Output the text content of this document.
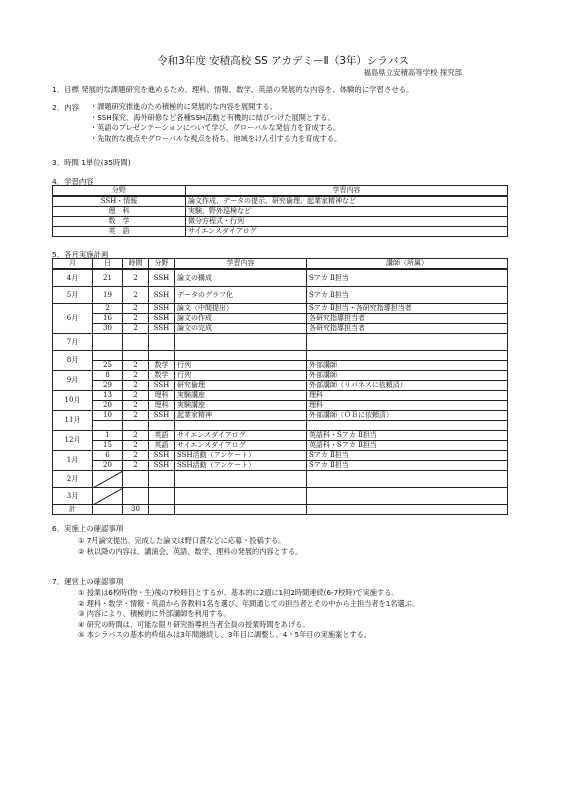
令和3年度 安積高校 SS アカデミーⅡ（3年）シラバス
福島県立安積高等学校 探究部
1．目標 発展的な課題研究を進めるため、理科、情報、数学、英語の発展的な内容を、体験的に学習させる。
2．内容 ・課題研究推進のため積極的に発展的な内容を展開する。
・SSH探究、海外研修など各種SSH活動と有機的に結びつけた展開とする。
・英語のプレゼンテーションについて学び、グローバルな発信力を育成する。
・先取的な視点やグローバルな視点を持ち、地域をけん引する力を育成する。
3．時間 1単位(35時間)
4．学習内容
分野	学習内容
SSH・情報	論文作成、データの提示、研究倫理、起業家精神など
理　科	実験、野外巡検など
数　学	微分方程式・行列
英　語	サイエンスダイアログ
5．各月実施計画
月	日	時間	分野	学習内容	講師（所属）
4月	21	2	SSH	論文の構成	Sアカ Ⅱ担当
5月	19	2	SSH	データのグラフ化	Sアカ Ⅱ担当
6月	2	2	SSH	論文（中間提出）	Sアカ Ⅱ担当・各研究指導担当者
	16	2	SSH	論文の作成	各研究指導担当者
	30	2	SSH	論文の完成	各研究指導担当者
7月					
8月					
	25	2	数学	行列	外部講師
9月	8	2	数学	行列	外部講師
	29	2	SSH	研究倫理	外部講師（リバネスに依頼済）
10月	13	2	理科	実験講座	理科
	20	2	理科	実験講座	理科
11月	10	2	SSH	起業家精神	外部講師（ＯＢに依頼済）

12月	1	2	英語	サイエンスダイアログ	英語科・Sアカ Ⅱ担当
	15	2	英語	サイエンスダイアログ	英語科・Sアカ Ⅱ担当
1月	6	2	SSH	SSH活動（アンケート）	Sアカ Ⅱ担当
	20	2	SSH	SSH活動（アンケート）	Sアカ Ⅱ担当
2月	

3月	

計		30			
6．実施上の確認事項
① 7月論文提出。完成した論文は野口賞などに応募・投稿する。
② 秋以降の内容は、講演会、英語、数学、理科の発展的内容とする。
7．運営上の確認事項
① 授業は6校時(物・生)後の7校時目とするが、基本的に2週に1回2時間連続(6-7校時)で実施する。
② 理科・数学・情報・英語から各教科1名を選び、年間通じての担当者とその中から主担当者を1名選ぶ。
③ 内容により、積極的に外部講師を利用する。
④ 研究の時間は、可能な限り研究指導担当者全員の授業時間をあげる。
⑤ 本シラバスの基本的枠組みは3年間継続し、3年目に調整し、4・5年目の実施案とする。
